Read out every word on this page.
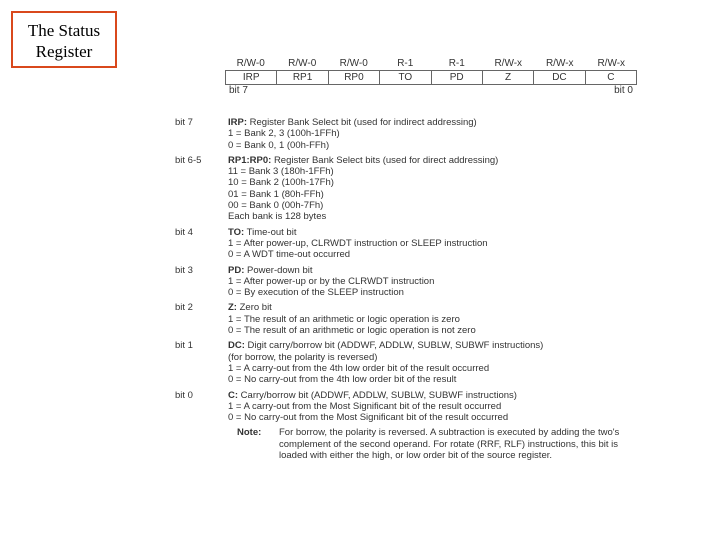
The Status Register
R/W-0	R/W-0	R/W-0	R-1	R-1	R/W-x	R/W-x	R/W-x
IRP	RP1	RP0	TO	PD	Z	DC	C
bit 7	bit 0
bit 7	IRP: Register Bank Select bit (used for indirect addressing)
1 = Bank 2, 3 (100h-1FFh)
0 = Bank 0, 1 (00h-FFh)
bit 6-5	RP1:RP0: Register Bank Select bits (used for direct addressing)
11 = Bank 3 (180h-1FFh)
10 = Bank 2 (100h-17Fh)
01 = Bank 1 (80h-FFh)
00 = Bank 0 (00h-7Fh)
Each bank is 128 bytes
bit 4	TO: Time-out bit
1 = After power-up, CLRWDT instruction or SLEEP instruction
0 = A WDT time-out occurred
bit 3	PD: Power-down bit
1 = After power-up or by the CLRWDT instruction
0 = By execution of the SLEEP instruction
bit 2	Z: Zero bit
1 = The result of an arithmetic or logic operation is zero
0 = The result of an arithmetic or logic operation is not zero
bit 1	DC: Digit carry/borrow bit (ADDWF, ADDLW, SUBLW, SUBWF instructions)
(for borrow, the polarity is reversed)
1 = A carry-out from the 4th low order bit of the result occurred
0 = No carry-out from the 4th low order bit of the result
bit 0	C: Carry/borrow bit (ADDWF, ADDLW, SUBLW, SUBWF instructions)
1 = A carry-out from the Most Significant bit of the result occurred
0 = No carry-out from the Most Significant bit of the result occurred
Note:	For borrow, the polarity is reversed. A subtraction is executed by adding the two's complement of the second operand. For rotate (RRF, RLF) instructions, this bit is loaded with either the high, or low order bit of the source register.
